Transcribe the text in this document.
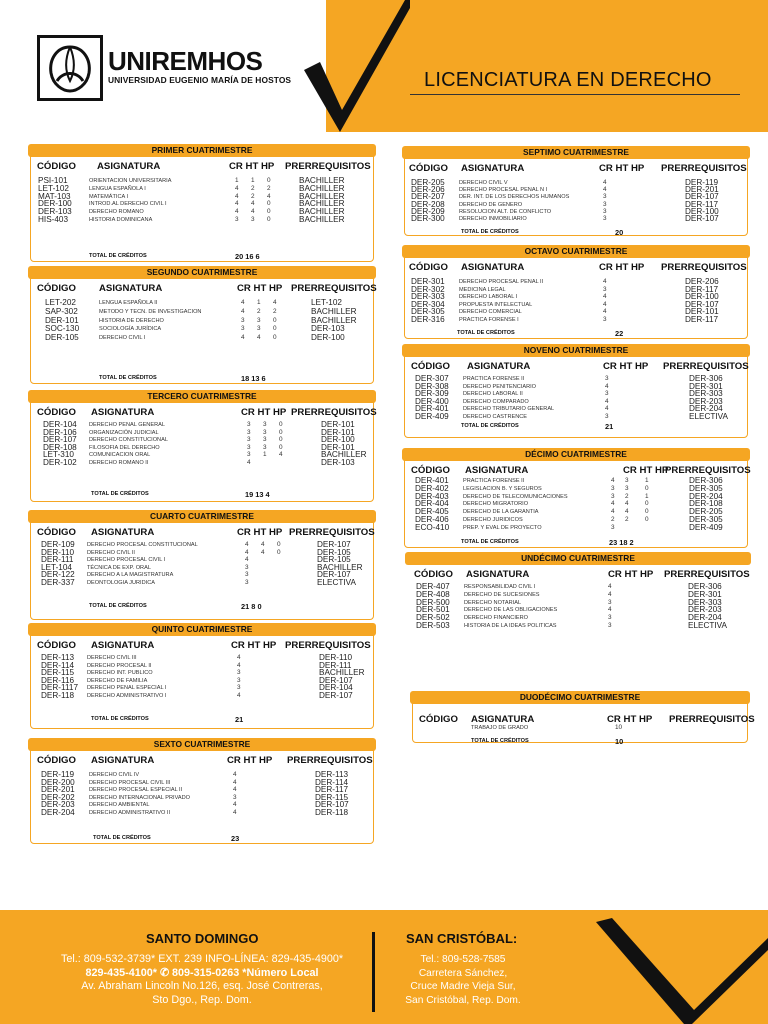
UNIREMHOS
UNIVERSIDAD EUGENIO MARÍA DE HOSTOS	LICENCIATURA EN DERECHO
PRIMER CUATRIMESTRE
CÓDIGO ASIGNATURA	CR HT HP PRERREQUISITOS
PSI-101	ORIENTACION UNIVERSITARIA	1 1 0	BACHILLER
LET-102	LENGUA ESPAÑOLA I	4 2 2	BACHILLER
MAT-103	MATEMÁTICA I	4 2 4	BACHILLER
DER-100	INTROD.AL DERECHO CIVIL I	4 4 0	BACHILLER
DER-103	DERECHO ROMANO	4 4 0	BACHILLER
HIS-403	HISTORIA DOMINICANA	3 3 0	BACHILLER
TOTAL DE CRÉDITOS	20 16 6
SEGUNDO CUATRIMESTRE
CÓDIGO ASIGNATURA	CR HT HP PRERREQUISITOS
LET-202	LENGUA ESPAÑOLA II	4 1 4	LET-102
SAP-302	METODO Y TECN. DE INVESTIGACION	4 2 2	BACHILLER
DER-101	HISTORIA DE DERECHO	3 3 0	BACHILLER
SOC-130	SOCIOLOGÍA JURÍDICA	3 3 0	DER-103
DER-105	DERECHO CIVIL I	4 4 0	DER-100
TOTAL DE CRÉDITOS	18 13 6
TERCERO CUATRIMESTRE
CÓDIGO ASIGNATURA	CR HT HP PRERREQUISITOS
DER-104 DERECHO PENAL GENERAL	3 3 0	DER-101
DER-106 ORGANIZACIÓN JUDICIAL	3 3 0	DER-101
DER-107 DERECHO CONSTITUCIONAL	3 3 0	DER-100
DER-108 FILOSOFIA DEL DERECHO	3 3 0	DER-101
LET-310	COMUNICACION ORAL	3 1 4	BACHILLER
DER-102 DERECHO ROMANO II	4	DER-103
TOTAL DE CRÉDITOS	19 13 4
CUARTO CUATRIMESTRE
CÓDIGO ASIGNATURA	CR HT HP PRERREQUISITOS
DER-109 DERECHO PROCESAL CONSTITUCIONAL	4 4 0	DER-107
DER-110 DERECHO CIVIL II	4 4 0	DER-105
DER-111 DERECHO PROCESAL CIVIL I	4	DER-105
LET-104	TÉCNICA DE EXP. ORAL	3	BACHILLER
DER-122 DERECHO A LA MAGISTRATURA	3	DER-107
DER-337 DEONTOLOGIA JURIDICA	3	ELECTIVA
TOTAL DE CRÉDITOS	21 8 0
QUINTO CUATRIMESTRE
CÓDIGO ASIGNATURA	CR HT HP PRERREQUISITOS
DER-113 DERECHO CIVIL III	4	DER-110
DER-114 DERECHO PROCESAL II	4	DER-111
DER-115 DERECHO INT. PUBLICO	3	BACHILLER
DER-116 DERECHO DE FAMILIA	3	DER-107
DER-1117 DERECHO PENAL ESPECIAL I	3	DER-104
DER-118 DERECHO ADMINISTRATIVO I	4	DER-107
TOTAL DE CRÉDITOS	21
SEXTO CUATRIMESTRE
CÓDIGO ASIGNATURA	CR HT HP PRERREQUISITOS
DER-119	DERECHO CIVIL IV	4	DER-113
DER-200	DERECHO PROCESAL CIVIL III	4	DER-114
DER-201	DERECHO PROCESAL ESPECIAL II	4	DER-117
DER-202	DERECHO INTERNACIONAL PRIVADO	3	DER-115
DER-203	DERECHO AMBIENTAL	4	DER-107
DER-204	DERECHO ADMINISTRATIVO II	4	DER-118
TOTAL DE CRÉDITOS	23
SEPTIMO CUATRIMESTRE
CÓDIGO ASIGNATURA	CR HT HP PRERREQUISITOS
DER-205	DERECHO CIVIL V	4	DER-119
DER-206	DERECHO PROCESAL PENAL N I	4	DER-201
DER-207	DER. INT. DE LOS DERECHOS HUMANOS	3	DER-107
DER-208	DERECHO DE GENERO	3	DER-117
DER-209	RESOLUCION ALT. DE CONFLICTO	3	DER-100
DER-300	DERECHO INMOBILIARIO	3	DER-107
TOTAL DE CRÉDITOS	20
OCTAVO CUATRIMESTRE
CÓDIGO ASIGNATURA	CR HT HP PRERREQUISITOS
DER-301	DERECHO PROCESAL PENAL II	4	DER-206
DER-302	MEDICINA LEGAL	3	DER-117
DER-303	DERECHO LABORAL I	4	DER-100
DER-304	PROPUESTA INTELECTUAL	4	DER-107
DER-305	DERECHO COMERCIAL	4	DER-101
DER-316	PRACTICA FORENSE I	3	DER-117
TOTAL DE CRÉDITOS	22
NOVENO CUATRIMESTRE
CÓDIGO ASIGNATURA	CR HT HP PRERREQUISITOS
DER-307	PRACTICA FORENSE II	3	DER-306
DER-308	DERECHO PENITENCIARIO	4	DER-301
DER-309	DERECHO LABORAL II	3	DER-303
DER-400	DERECHO COMPARADO	4	DER-203
DER-401	DERECHO TRIBUTARIO GENERAL	4	DER-204
DER-409	DERECHO CASTRENCE	3	ELECTIVA
TOTAL DE CRÉDITOS	21
DÉCIMO CUATRIMESTRE
CÓDIGO ASIGNATURA	CR HT HP
PRERREQUISITOS
DER-401	PRACTICA FORENSE II	4 3	1	DER-306
DER-402	LEGISLACION B. Y SEGUROS	3 3	0	DER-305
DER-403	DERECHO DE TELECOMUNICACIONES	3 2	1	DER-204
DER-404	DERECHO MIGRATORIO	4 4	0	DER-108
DER-405	DERECHO DE LA GARANTIA	4 4	0	DER-205
DER-406	DERECHO JURIDICOS	2 2	0	DER-305
ECO-410 PREP. Y EVAL DE PROYECTO	3	DER-409
TOTAL DE CRÉDITOS	23 18 2
UNDÉCIMO CUATRIMESTRE
CÓDIGO ASIGNATURA	CR HT HP PRERREQUISITOS
DER-407	RESPONSABILIDAD CIVIL I	4	DER-306
DER-408	DERECHO DE SUCESIONES	4	DER-301
DER-500	DERECHO NOTARIAL	3	DER-303
DER-501	DERECHO DE LAS OBLIGACIONES	4	DER-203
DER-502	DERECHO FINANCIERO	3	DER-204
DER-503	HISTORIA DE LA IDEAS POLITICAS	3	ELECTIVA
DUODÉCIMO CUATRIMESTRE
CÓDIGO ASIGNATURA	CR HT HP PRERREQUISITOS
TRABAJO DE GRADO	10
TOTAL DE CRÉDITOS	10
SANTO DOMINGO
Tel.: 809-532-3739* EXT. 239 INFO-LÍNEA: 829-435-4900*
829-435-4100* ✆ 809-315-0263 *Número Local
Av. Abraham Lincoln No.126, esq. José Contreras,
Sto Dgo., Rep. Dom.
SAN CRISTÓBAL:
Tel.: 809-528-7585
Carretera Sánchez,
Cruce Madre Vieja Sur,
San Cristóbal, Rep. Dom.
